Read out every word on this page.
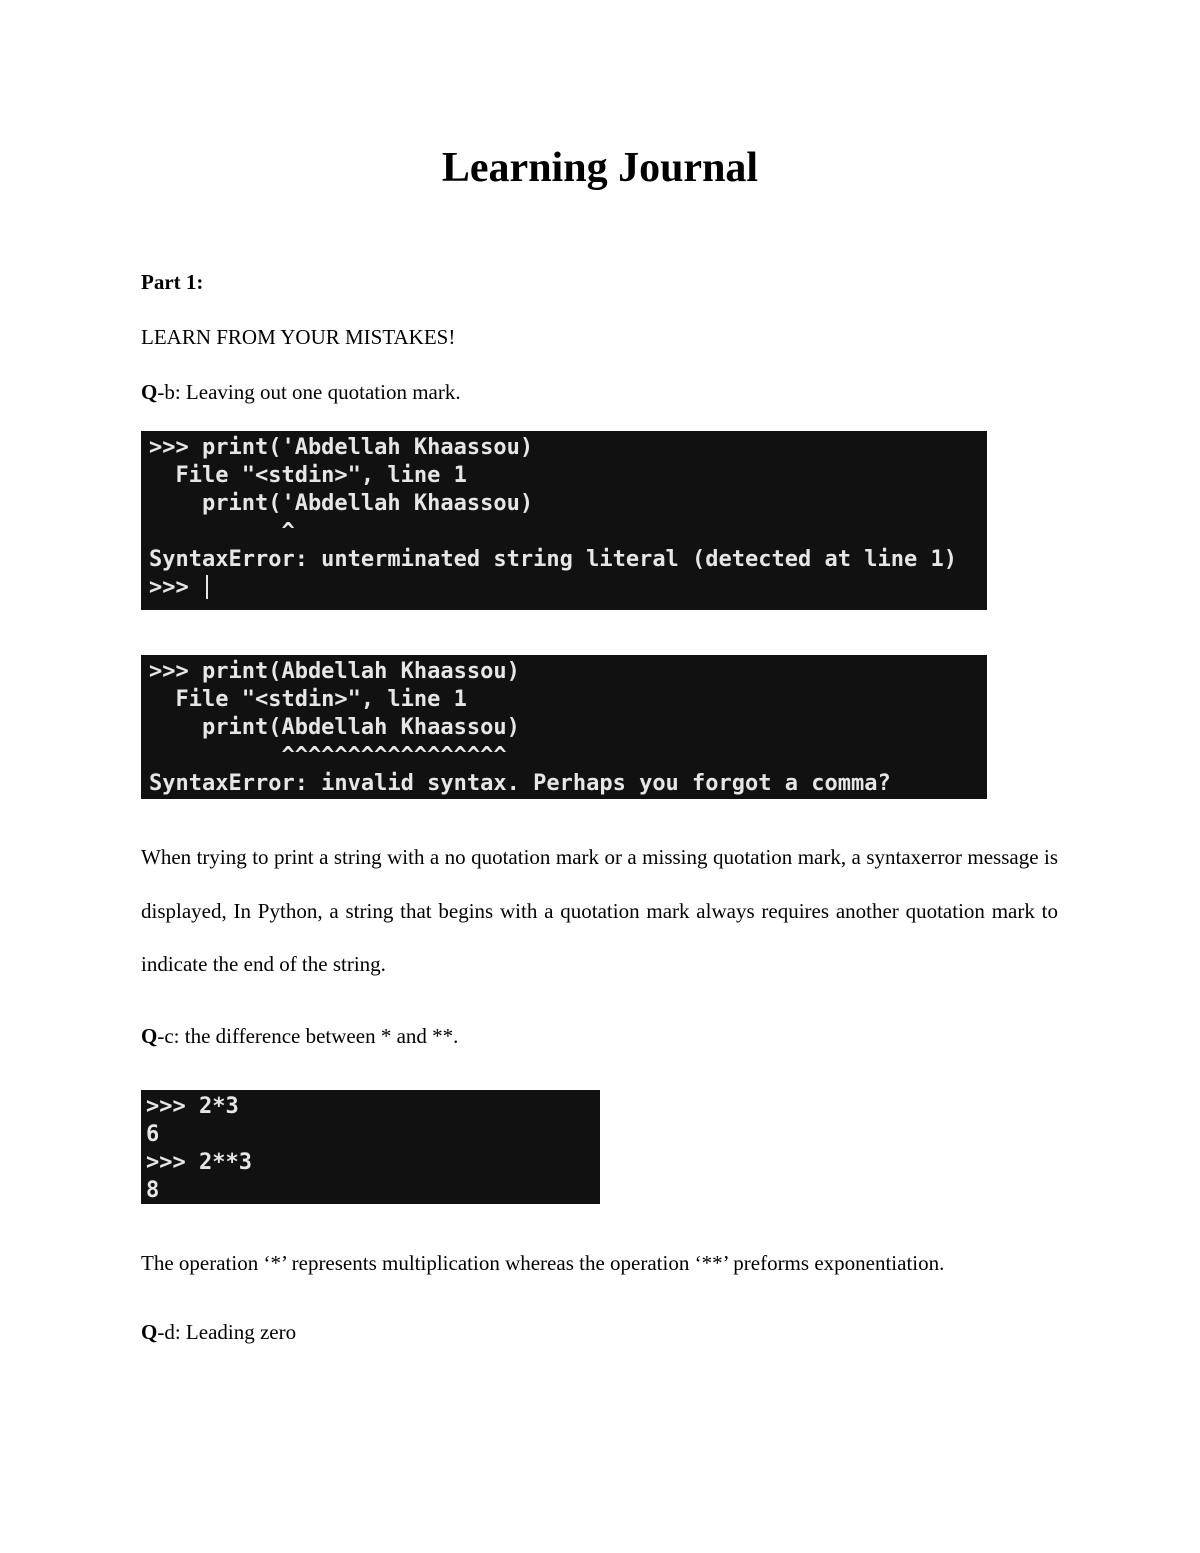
Learning Journal
Part 1:
LEARN FROM YOUR MISTAKES!
Q-b: Leaving out one quotation mark.
>>> print('Abdellah Khaassou)
File "<stdin>", line 1
print('Abdellah Khaassou)
^
SyntaxError: unterminated string literal (detected at line 1)
>>>
>>> print(Abdellah Khaassou)
File "<stdin>", line 1
print(Abdellah Khaassou)
^^^^^^^^^^^^^^^^^
SyntaxError: invalid syntax. Perhaps you forgot a comma?
When trying to print a string with a no quotation mark or a missing quotation mark, a syntaxerror message is displayed, In Python, a string that begins with a quotation mark always requires another quotation mark to indicate the end of the string.
Q-c: the difference between * and **.
>>> 2*3
6
>>> 2**3
8
The operation ‘*’ represents multiplication whereas the operation ‘**’ preforms exponentiation.
Q-d: Leading zero
